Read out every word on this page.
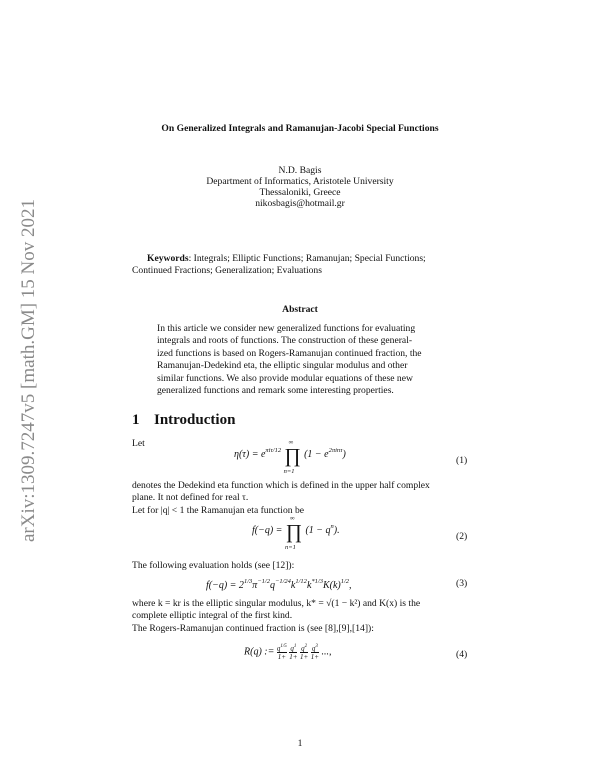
arXiv:1309.7247v5 [math.GM] 15 Nov 2021
On Generalized Integrals and Ramanujan-Jacobi Special Functions
N.D. Bagis
Department of Informatics, Aristotele University
Thessaloniki, Greece
nikosbagis@hotmail.gr
Keywords: Integrals; Elliptic Functions; Ramanujan; Special Functions;
Continued Fractions; Generalization; Evaluations
Abstract
In this article we consider new generalized functions for evaluating
integrals and roots of functions. The construction of these general-
ized functions is based on Rogers-Ramanujan continued fraction, the
Ramanujan-Dedekind eta, the elliptic singular modulus and other
similar functions. We also provide modular equations of these new
generalized functions and remark some interesting properties.
1 Introduction
Let
$\eta(\tau) = e^{\pi i\tau/12}$
∞
∏
n=1
$(1 - e^{2\pi in\tau})$
(1)
denotes the Dedekind eta function which is defined in the upper half complex
plane. It not defined for real τ.
Let for |q| < 1 the Ramanujan eta function be
f(−q) =
∞
∏
n=1
$(1 - q^n)$.
(2)
The following evaluation holds (see [12]):
$f(-q) = 2^{1/3}\pi^{-1/2}q^{-1/24}k^{1/12}k^{*1/3}K(k)^{1/2}$,	(3)
where k = kr is the elliptic singular modulus, k* = √(1 − k²) and K(x) is the
complete elliptic integral of the first kind.
The Rogers-Ramanujan continued fraction is (see [8],[9],[14]):
R(q) := $\frac{q^{1/5}}{1+}$
$\frac{q^1}{1+}$
$\frac{q^2}{1+}$
$\frac{q^3}{1+}$ ...,	(4)
1
